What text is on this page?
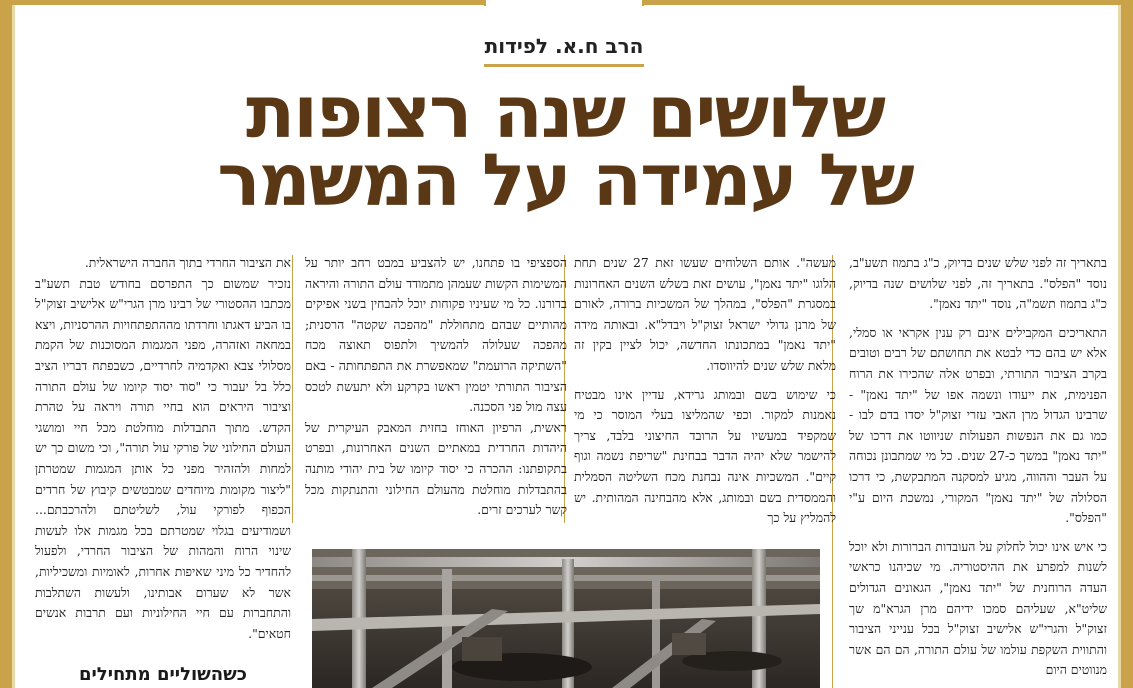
הרב ח.א. לפידות
שלושים שנה רצופות
של עמידה על המשמר

בתאריך זה לפני שלש שנים בדיוק, כ"ג בתמוז תשע"ב, נוסד "הפלס". בתאריך זה, לפני שלושים שנה בדיוק, כ"ג בתמוז תשמ"ה, נוסד "יתד נאמן".

התאריכים המקבילים אינם רק ענין אקראי או סמלי, אלא יש בהם כדי לבטא את תחושתם של רבים וטובים בקרב הציבור התורתי, ובפרט אלה שהכירו את הרוח הפנימית, את ייעודו ונשמה אפו של "יתד נאמן" - שרבינו הגדול מרן האבי עזרי זצוק"ל יסדו בדם לבו - כמו גם את הנפשות הפעולות שניווטו את דרכו של "יתד נאמן" במשך כ-27 שנים. כל מי שמתבונן נכוחה על העבר וההווה, מגיע למסקנה המתבקשת, כי דרכו הסלולה של "יתד נאמן" המקורי, נמשכת היום ע"י "הפלס".

כי איש אינו יכול לחלוק על העובדות הברורות ולא יוכל לשנות למפרע את ההיסטוריה. מי שכיהנו כראשי העדה הרוחנית של "יתד נאמן", הגאונים הגדולים שליט"א, שעליהם סמכו ידיהם מרן הגרא"מ שך זצוק"ל והגרי"ש אלישיב זצוק"ל בכל ענייני הציבור והתווית השקפת עולמו של עולם התורה, הם הם אשר מנווטים היום

מעשה". אותם השלוחים שעשו זאת 27 שנים תחת הלוגו "יתד נאמן", עושים זאת בשלש השנים האחרונות במסגרת "הפלס", במהלך של המשכיות ברורה, לאורם של מרנן גדולי ישראל זצוק"ל ויבדל"א. ובאותה מידה "יתד נאמן" במתכונתו החדשה, יכול לציין בקין זה מלאת שלש שנים להיווסדו.

כי שימוש בשם ובמותג גרידא, עדיין אינו מבטיח נאמנות למקור. וכפי שהמליצו בעלי המוסר כי מי שמקפיד במעשיו על הרובד החיצוני בלבד, צריך להישמר שלא יהיה הדבר בבחינת "שריפת נשמה וגוף קיים". המשכיות אינה נבחנת מכח השליטה הסמלית והממסדית בשם ובמותג, אלא מהבחינה המהותית. יש להמליץ על כך

הספציפי בו פתחנו, יש להצביע במבט רחב יותר על המשימות הקשות שעמהן מתמודד עולם התורה והיראה בדורנו. כל מי שעיניו פקוחות יוכל להבחין בשני אפיקים מהותיים שבהם מתחוללת "מהפכה שקטה" הרסנית; מהפכה שעלולה להמשיך ולתפוס תאוצה מכח "השתיקה הרועמת" שמאפשרת את התפתחותה - באם הציבור התורתי יטמין ראשו בקרקע ולא יתעשת לטכס עצה מול פני הסכנה.

ראשית, הרפיון האוחז בחזית המאבק העיקרית של היהדות החרדית במאתיים השנים האחרונות, ובפרט בתקופתנו: ההכרה כי יסוד קיומו של בית יהודי מותנה בהתבדלות מוחלטת מהעולם החילוני והתנתקות מכל קשר לערכים זרים.

את הציבור החרדי בתוך החברה הישראלית.

נזכיר שמשום כך התפרסם בחודש טבת תשע"ב מכתבו ההסטורי של רבינו מרן הגרי"ש אלישיב זצוק"ל בו הביע דאגתו וחרדתו מההתפתחויות ההרסניות, ויצא במחאה ואזהרה, מפני המגמות המסוכנות של הקמת מסלולי צבא ואקדמיה לחרדיים, כשבפתח דבריו הציב כלל בל יעבור כי "סוד יסוד קיומו של עולם התורה וציבור היראים הוא בחיי תורה ויראה על טהרת הקדש. מתוך התבדלות מוחלטת מכל חיי ומושגי העולם החילוני של פורקי עול תורה", וכי משום כך יש למחות ולהזהיר מפני כל אותן המגמות שמטרתן "ליצור מקומות מיוחדים שמבטשים קיבוץ של חרדים הכפוף לפורקי עול, לשליטתם ולהרכבתם... ושמודיעים בגלוי שמטרתם בכל מגמות אלו לעשות שינוי הרוח והמהות של הציבור החרדי, ולפעול להחדיר כל מיני שאיפות אחרות, לאומיות ומשכיליות, אשר לא שערום אבותינו, ולעשות השתלבות והתחברות עם חיי החילוניות ועם תרבות אנשים חטאים".

כשהשוליים מתחילים
